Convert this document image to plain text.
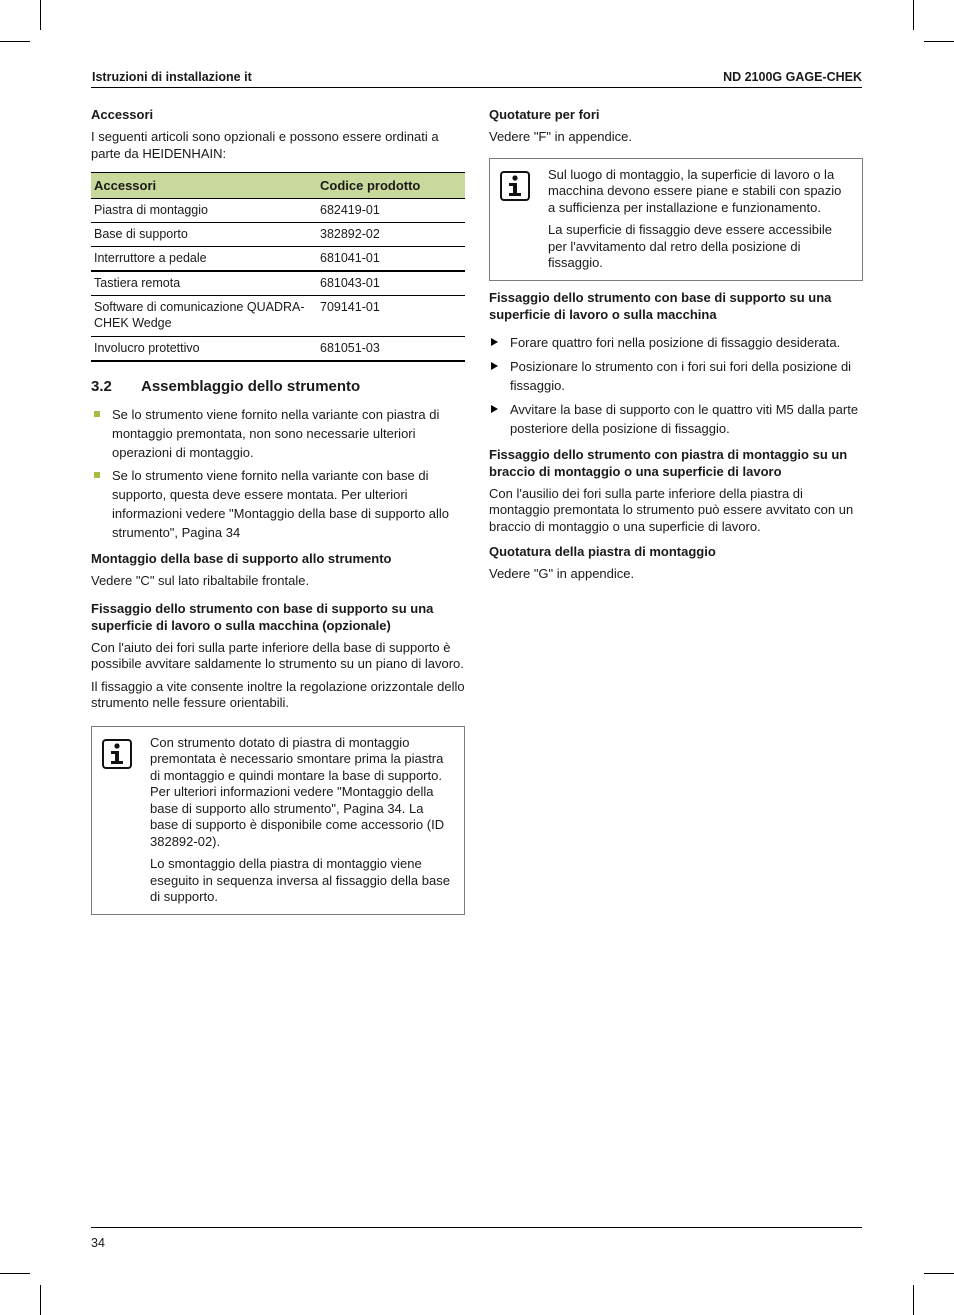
Istruzioni di installazione it	ND 2100G GAGE-CHEK
Accessori

I seguenti articoli sono opzionali e possono essere ordinati a parte da HEIDENHAIN:

Accessori	Codice prodotto
Piastra di montaggio	682419-01
Base di supporto	382892-02
Interruttore a pedale	681041-01
Tastiera remota	681043-01
Software di comunicazione QUADRA- CHEK Wedge	709141-01
Involucro protettivo	681051-03
3.2 Assemblaggio dello strumento
Se lo strumento viene fornito nella variante con piastra di montaggio premontata, non sono necessarie ulteriori operazioni di montaggio.
Se lo strumento viene fornito nella variante con base di supporto, questa deve essere montata. Per ulteriori informazioni vedere "Montaggio della base di supporto allo strumento", Pagina 34
Montaggio della base di supporto allo strumento

Vedere "C" sul lato ribaltabile frontale.

Fissaggio dello strumento con base di supporto su una superficie di lavoro o sulla macchina (opzionale)

Con l'aiuto dei fori sulla parte inferiore della base di supporto è possibile avvitare saldamente lo strumento su un piano di lavoro.

Il fissaggio a vite consente inoltre la regolazione orizzontale dello strumento nelle fessure orientabili.

Con strumento dotato di piastra di montaggio premontata è necessario smontare prima la piastra di montaggio e quindi montare la base di supporto. Per ulteriori informazioni vedere "Montaggio della base di supporto allo strumento", Pagina 34. La base di supporto è disponibile come accessorio (ID 382892-02).

Lo smontaggio della piastra di montaggio viene eseguito in sequenza inversa al fissaggio della base di supporto.

Quotature per fori

Vedere "F" in appendice.

Sul luogo di montaggio, la superficie di lavoro o la macchina devono essere piane e stabili con spazio a sufficienza per installazione e funzionamento.

La superficie di fissaggio deve essere accessibile per l'avvitamento dal retro della posizione di fissaggio.

Fissaggio dello strumento con base di supporto su una superficie di lavoro o sulla macchina
Forare quattro fori nella posizione di fissaggio desiderata.
Posizionare lo strumento con i fori sui fori della posizione di fissaggio.
Avvitare la base di supporto con le quattro viti M5 dalla parte posteriore della posizione di fissaggio.
Fissaggio dello strumento con piastra di montaggio su un braccio di montaggio o una superficie di lavoro

Con l'ausilio dei fori sulla parte inferiore della piastra di montaggio premontata lo strumento può essere avvitato con un braccio di montaggio o una superficie di lavoro.

Quotatura della piastra di montaggio

Vedere "G" in appendice.

34
